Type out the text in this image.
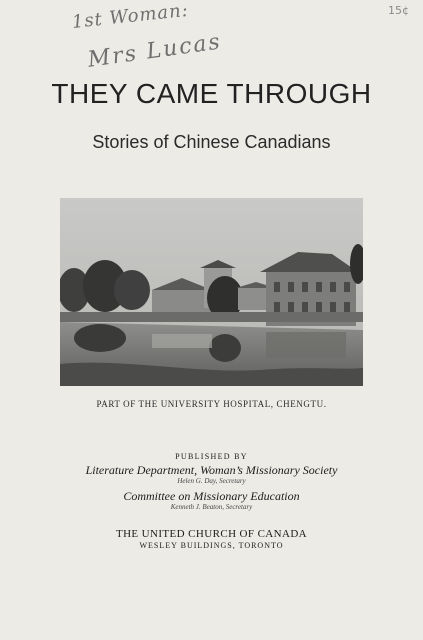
1st Woman:
Mrs Lucas
15¢
THEY CAME THROUGH
Stories of Chinese Canadians
PART OF THE UNIVERSITY HOSPITAL, CHENGTU.
PUBLISHED BY
Literature Department, Woman’s Missionary Society
Helen G. Day, Secretary
Committee on Missionary Education
Kenneth J. Beaton, Secretary
THE UNITED CHURCH OF CANADA
WESLEY BUILDINGS, TORONTO
